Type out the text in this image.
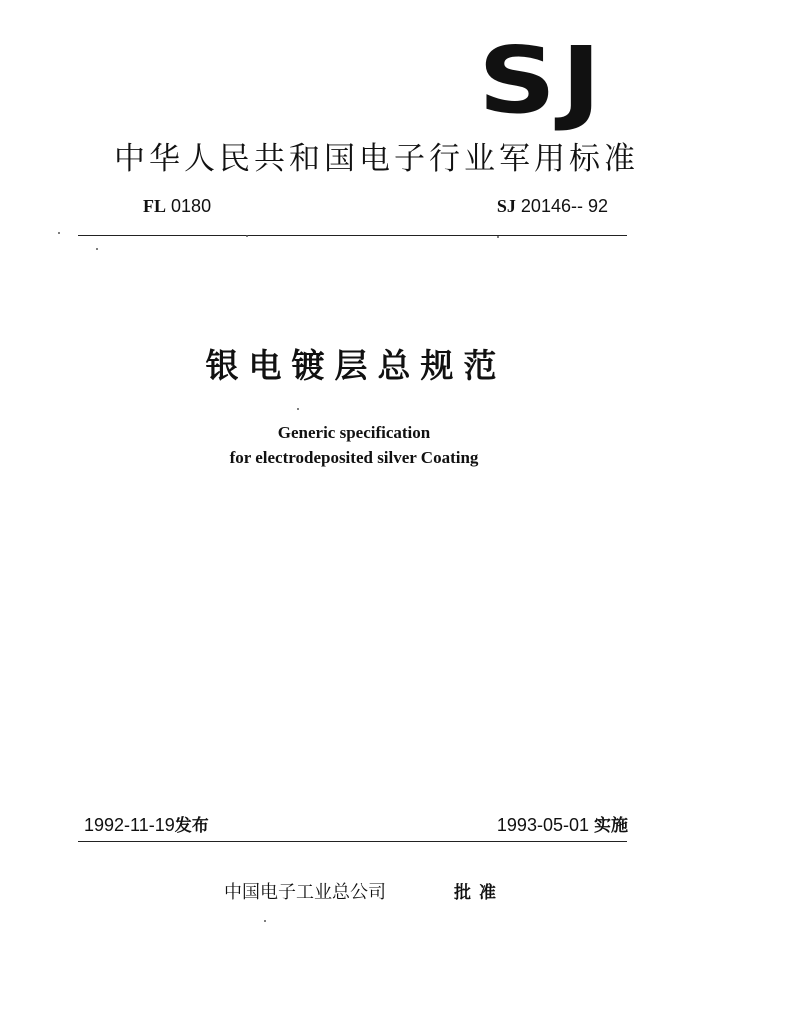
SJ
中华人民共和国电子行业军用标准
FL 0180	SJ 20146-- 92
银电镀层总规范
Generic specification
for electrodeposited silver Coating
1992-11-19发布	1993-05-01 实施
中国电子工业总公司	批准
